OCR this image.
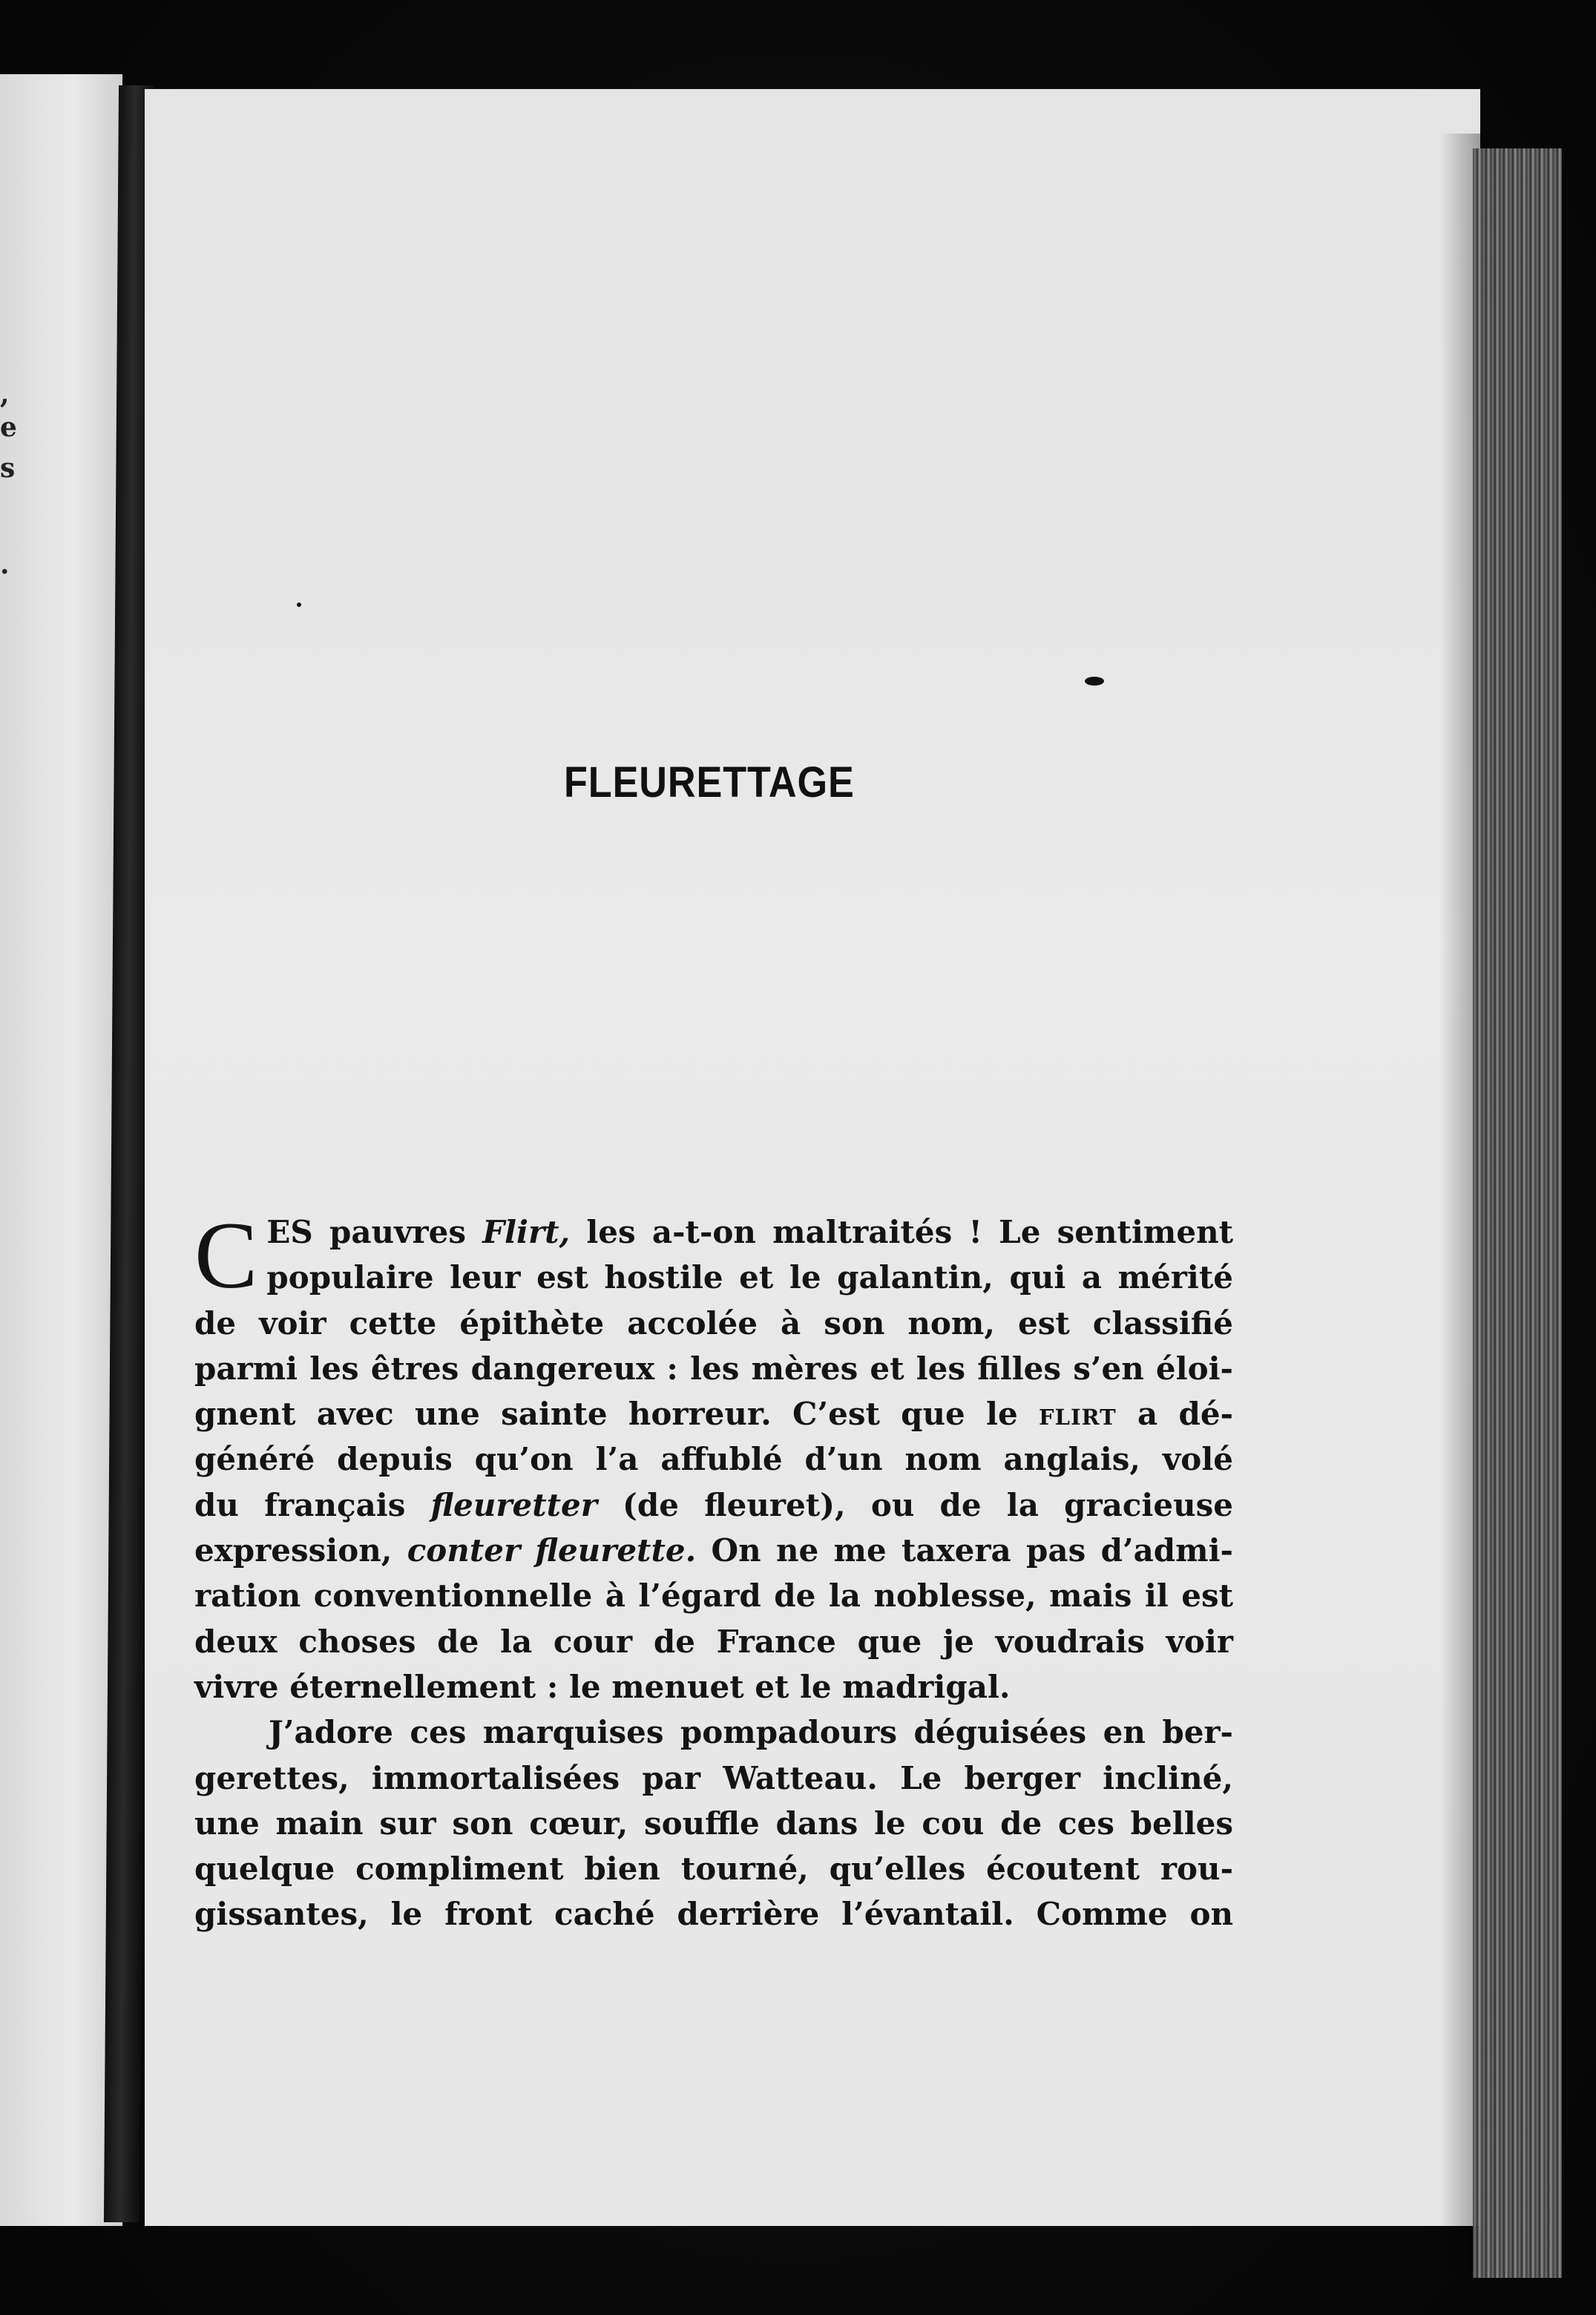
,
e
s
.
FLEURETTAGE
C ES pauvres Flirt, les a-t-on maltraités ! Le sentiment

populaire leur est hostile et le galantin, qui a mérité

de voir cette épithète accolée à son nom, est classifié

parmi les êtres dangereux : les mères et les filles s’en éloi-

gnent avec une sainte horreur. C’est que le flirt a dé-

généré depuis qu’on l’a affublé d’un nom anglais, volé

du français fleuretter (de fleuret), ou de la gracieuse

expression, conter fleurette. On ne me taxera pas d’admi-

ration conventionnelle à l’égard de la noblesse, mais il est

deux choses de la cour de France que je voudrais voir

vivre éternellement : le menuet et le madrigal.

J’adore ces marquises pompadours déguisées en ber-

gerettes, immortalisées par Watteau. Le berger incliné,

une main sur son cœur, souffle dans le cou de ces belles

quelque compliment bien tourné, qu’elles écoutent rou-

gissantes, le front caché derrière l’évantail. Comme on
